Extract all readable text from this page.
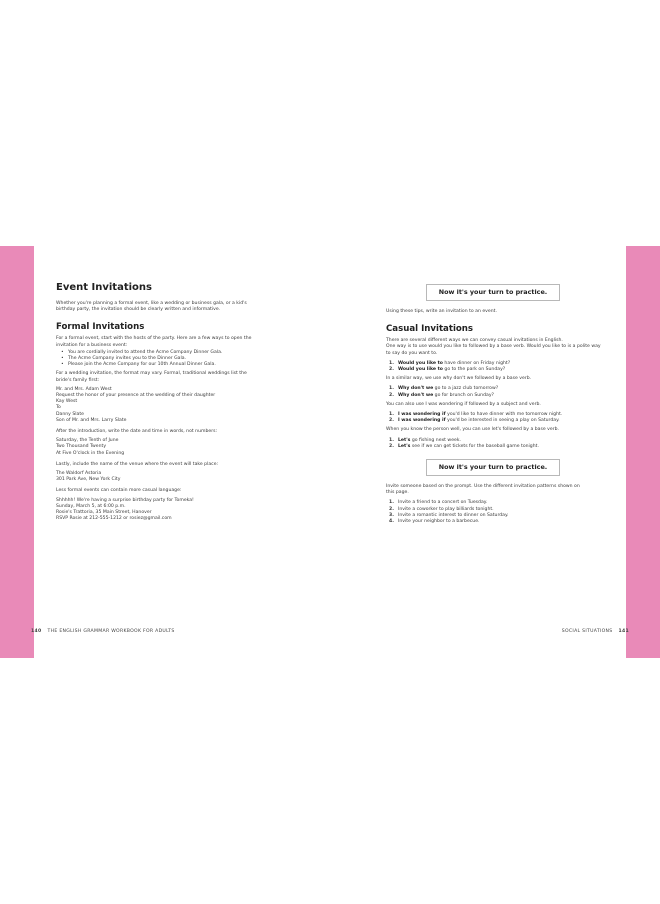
Event Invitations

Whether you're planning a formal event, like a wedding or business gala, or a kid's

birthday party, the invitation should be clearly written and informative.

Formal Invitations

For a formal event, start with the hosts of the party. Here are a few ways to open the

invitation for a business event:

• You are cordially invited to attend the Acme Company Dinner Gala.
• The Acme Company invites you to the Dinner Gala.
• Please join the Acme Company for our 10th Annual Dinner Gala.

For a wedding invitation, the format may vary. Formal, traditional weddings list the

bride's family first:

Mr. and Mrs. Adam West

Request the honor of your presence at the wedding of their daughter

Kay West

To

Danny Slate

Son of Mr. and Mrs. Larry Slate

After the introduction, write the date and time in words, not numbers:

Saturday, the Tenth of June

Two Thousand Twenty

At Five O'clock in the Evening

Lastly, include the name of the venue where the event will take place:

The Waldorf Astoria

301 Park Ave, New York City

Less formal events can contain more casual language:

Shhhhh! We're having a surprise birthday party for Tomeka!

Sunday, March 5, at 6:00 p.m.

Rosie's Trattoria, 35 Main Street, Hanover

RSVP Rosie at 212-555-1212 or rosiez@gmail.com

140 THE ENGLISH GRAMMAR WORKBOOK FOR ADULTS
Now it's your turn to practice.

Using these tips, write an invitation to an event.

Casual Invitations

There are several different ways we can convey casual invitations in English.

One way is to use would you like to followed by a base verb. Would you like to is a polite way

to say do you want to.

1. Would you like to have dinner on Friday night?
2. Would you like to go to the park on Sunday?

In a similar way, we use why don't we followed by a base verb.

1. Why don't we go to a jazz club tomorrow?
2. Why don't we go for brunch on Sunday?

You can also use I was wondering if followed by a subject and verb.

1. I was wondering if you'd like to have dinner with me tomorrow night.
2. I was wondering if you'd be interested in seeing a play on Saturday.

When you know the person well, you can use let's followed by a base verb.

1. Let's go fishing next week.
2. Let's see if we can get tickets for the baseball game tonight.
Now it's your turn to practice.

Invite someone based on the prompt. Use the different invitation patterns shown on

this page.

1. Invite a friend to a concert on Tuesday.
2. Invite a coworker to play billiards tonight.
3. Invite a romantic interest to dinner on Saturday.
4. Invite your neighbor to a barbecue.
SOCIAL SITUATIONS 141
